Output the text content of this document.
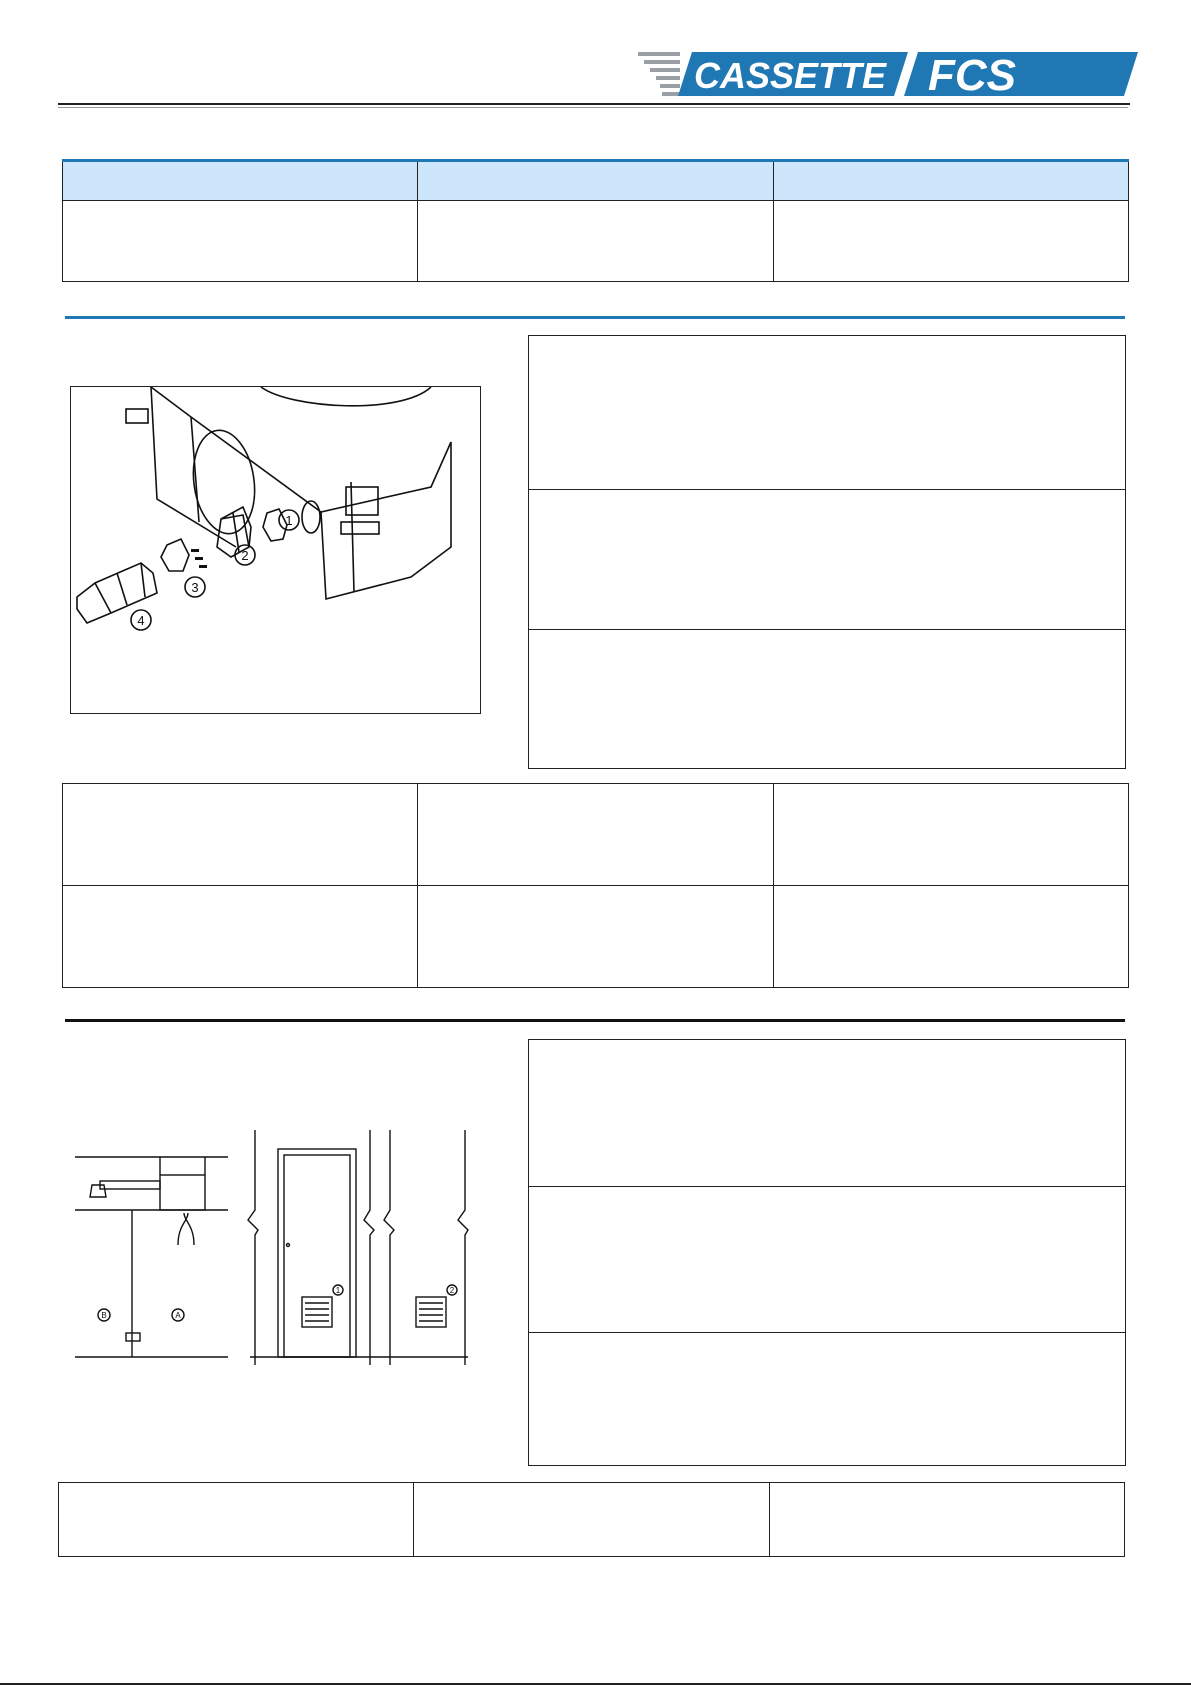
CASSETTE FCS

1
2
3
4

B	A
1	2
